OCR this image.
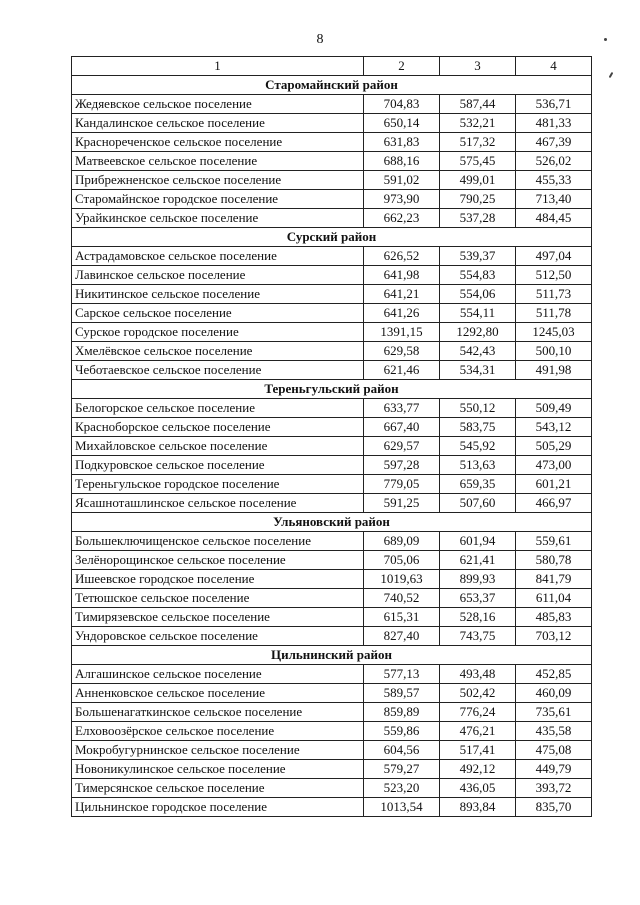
8
1	2	3	4
Старомайнский район			
Жедяевское сельское поселение	704,83	587,44	536,71
Кандалинское сельское поселение	650,14	532,21	481,33
Краснореченское сельское поселение	631,83	517,32	467,39
Матвеевское сельское поселение	688,16	575,45	526,02
Прибрежненское сельское поселение	591,02	499,01	455,33
Старомайнское городское поселение	973,90	790,25	713,40
Урайкинское сельское поселение	662,23	537,28	484,45
Сурский район			
Астрадамовское сельское поселение	626,52	539,37	497,04
Лавинское сельское поселение	641,98	554,83	512,50
Никитинское сельское поселение	641,21	554,06	511,73
Сарское сельское поселение	641,26	554,11	511,78
Сурское городское поселение	1391,15	1292,80	1245,03
Хмелёвское сельское поселение	629,58	542,43	500,10
Чеботаевское сельское поселение	621,46	534,31	491,98
Тереньгульский район			
Белогорское сельское поселение	633,77	550,12	509,49
Красноборское сельское поселение	667,40	583,75	543,12
Михайловское сельское поселение	629,57	545,92	505,29
Подкуровское сельское поселение	597,28	513,63	473,00
Тереньгульское городское поселение	779,05	659,35	601,21
Ясашноташлинское сельское поселение	591,25	507,60	466,97
Ульяновский район			
Большеключищенское сельское поселение	689,09	601,94	559,61
Зелёнорощинское сельское поселение	705,06	621,41	580,78
Ишеевское городское поселение	1019,63	899,93	841,79
Тетюшское сельское поселение	740,52	653,37	611,04
Тимирязевское сельское поселение	615,31	528,16	485,83
Ундоровское сельское поселение	827,40	743,75	703,12
Цильнинский район			
Алгашинское сельское поселение	577,13	493,48	452,85
Анненковское сельское поселение	589,57	502,42	460,09
Большенагаткинское сельское поселение	859,89	776,24	735,61
Елховоозёрское сельское поселение	559,86	476,21	435,58
Мокробугурнинское сельское поселение	604,56	517,41	475,08
Новоникулинское сельское поселение	579,27	492,12	449,79
Тимерсянское сельское поселение	523,20	436,05	393,72
Цильнинское городское поселение	1013,54	893,84	835,70
